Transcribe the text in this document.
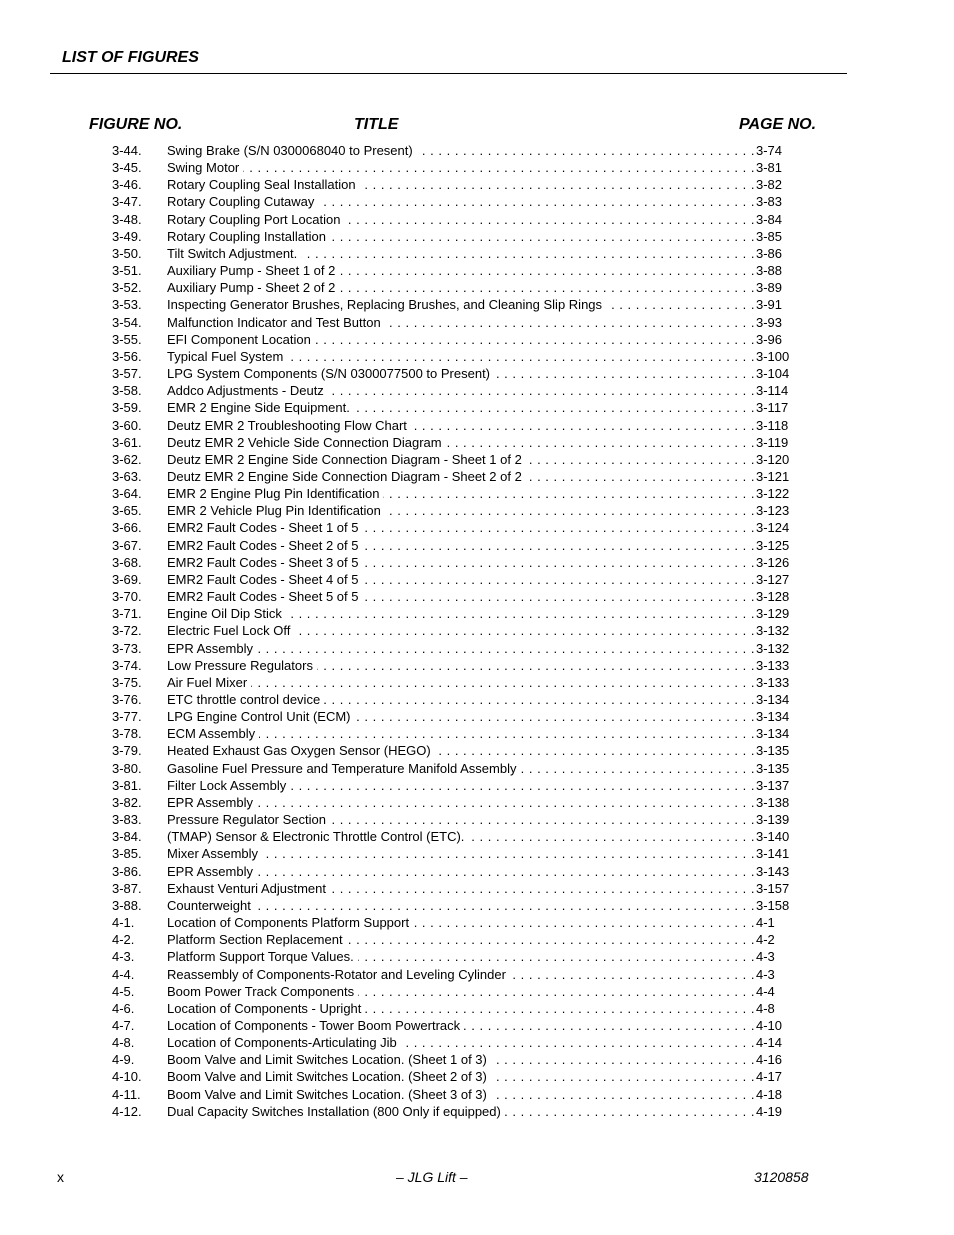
LIST OF FIGURES
FIGURE NO.	TITLE	PAGE NO.
3-44. Swing Brake (S/N 0300068040 to Present) . . .	3-74
3-45. Swing Motor . . .	3-81
3-46. Rotary Coupling Seal Installation . . .	3-82
3-47. Rotary Coupling Cutaway . . .	3-83
3-48. Rotary Coupling Port Location . . .	3-84
3-49. Rotary Coupling Installation . . .	3-85
3-50. Tilt Switch Adjustment. . . .	3-86
3-51. Auxiliary Pump - Sheet 1 of 2 . . .	3-88
3-52. Auxiliary Pump - Sheet 2 of 2 . . .	3-89
3-53. Inspecting Generator Brushes, Replacing Brushes, and Cleaning Slip Rings . . .	3-91
3-54. Malfunction Indicator and Test Button . . .	3-93
3-55. EFI Component Location . . .	3-96
3-56. Typical Fuel System . . .	3-100
3-57. LPG System Components (S/N 0300077500 to Present) . . .	3-104
3-58. Addco Adjustments - Deutz . . .	3-114
3-59. EMR 2 Engine Side Equipment. . . .	3-117
3-60. Deutz EMR 2 Troubleshooting Flow Chart . . .	3-118
3-61. Deutz EMR 2 Vehicle Side Connection Diagram . . .	3-119
3-62. Deutz EMR 2 Engine Side Connection Diagram - Sheet 1 of 2 . . .	3-120
3-63. Deutz EMR 2 Engine Side Connection Diagram - Sheet 2 of 2 . . .	3-121
3-64. EMR 2 Engine Plug Pin Identification . . .	3-122
3-65. EMR 2 Vehicle Plug Pin Identification . . .	3-123
3-66. EMR2 Fault Codes - Sheet 1 of 5 . . .	3-124
3-67. EMR2 Fault Codes - Sheet 2 of 5 . . .	3-125
3-68. EMR2 Fault Codes - Sheet 3 of 5 . . .	3-126
3-69. EMR2 Fault Codes - Sheet 4 of 5 . . .	3-127
3-70. EMR2 Fault Codes - Sheet 5 of 5 . . .	3-128
3-71. Engine Oil Dip Stick . . .	3-129
3-72. Electric Fuel Lock Off . . .	3-132
3-73. EPR Assembly . . .	3-132
3-74. Low Pressure Regulators . . .	3-133
3-75. Air Fuel Mixer . . .	3-133
3-76. ETC throttle control device . . .	3-134
3-77. LPG Engine Control Unit (ECM) . . .	3-134
3-78. ECM Assembly . . .	3-134
3-79. Heated Exhaust Gas Oxygen Sensor (HEGO) . . .	3-135
3-80. Gasoline Fuel Pressure and Temperature Manifold Assembly . . .	3-135
3-81. Filter Lock Assembly . . .	3-137
3-82. EPR Assembly . . .	3-138
3-83. Pressure Regulator Section . . .	3-139
3-84. (TMAP) Sensor & Electronic Throttle Control (ETC). . . .	3-140
3-85. Mixer Assembly . . .	3-141
3-86. EPR Assembly . . .	3-143
3-87. Exhaust Venturi Adjustment . . .	3-157
3-88. Counterweight . . .	3-158
4-1.	Location of Components Platform Support . . .	4-1
4-2.	Platform Section Replacement . . .	4-2
4-3.	Platform Support Torque Values. . . .	4-3
4-4.	Reassembly of Components-Rotator and Leveling Cylinder . . .	4-3
4-5.	Boom Power Track Components . . .	4-4
4-6.	Location of Components - Upright . . .	4-8
4-7.	Location of Components - Tower Boom Powertrack . . .	4-10
4-8.	Location of Components-Articulating Jib . . .	4-14
4-9.	Boom Valve and Limit Switches Location. (Sheet 1 of 3) . . .	4-16
4-10. Boom Valve and Limit Switches Location. (Sheet 2 of 3) . . .	4-17
4-11. Boom Valve and Limit Switches Location. (Sheet 3 of 3) . . .	4-18
4-12. Dual Capacity Switches Installation (800 Only if equipped) . . .	4-19
x	– JLG Lift –	3120858
